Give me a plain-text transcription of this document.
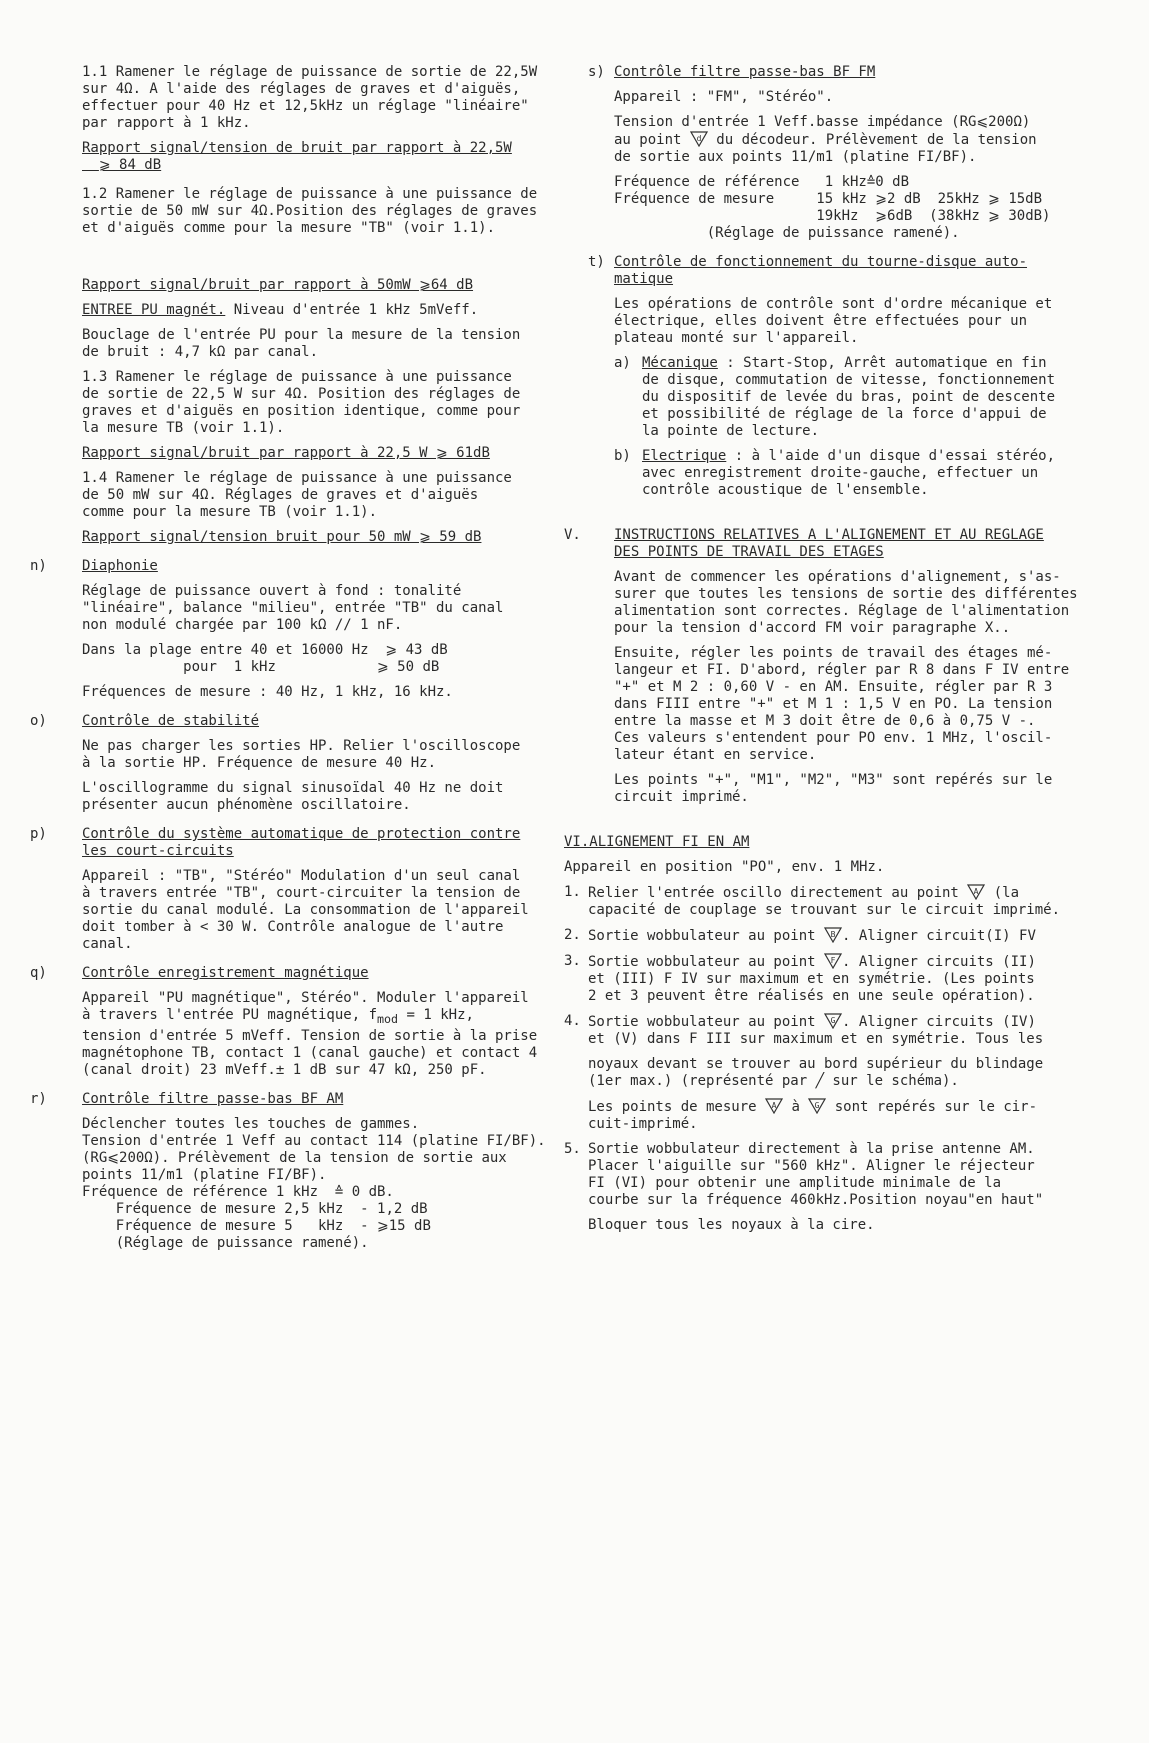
1.1 Ramener le réglage de puissance de sortie de 22,5W
sur 4Ω. A l'aide des réglages de graves et d'aiguës,
effectuer pour 40 Hz et 12,5kHz un réglage "linéaire"
par rapport à 1 kHz.

Rapport signal/tension de bruit par rapport à 22,5W
⩾ 84 dB

1.2 Ramener le réglage de puissance à une puissance de
sortie de 50 mW sur 4Ω.Position des réglages de graves
et d'aiguës comme pour la mesure "TB" (voir 1.1).

Rapport signal/bruit par rapport à 50mW ⩾64 dB

ENTREE PU magnét. Niveau d'entrée 1 kHz 5mVeff.

Bouclage de l'entrée PU pour la mesure de la tension
de bruit : 4,7 kΩ par canal.

1.3 Ramener le réglage de puissance à une puissance
de sortie de 22,5 W sur 4Ω. Position des réglages de
graves et d'aiguës en position identique, comme pour
la mesure TB (voir 1.1).

Rapport signal/bruit par rapport à 22,5 W ⩾ 61dB

1.4 Ramener le réglage de puissance à une puissance
de 50 mW sur 4Ω. Réglages de graves et d'aiguës
comme pour la mesure TB (voir 1.1).

Rapport signal/tension bruit pour 50 mW ⩾ 59 dB

n)	Diaphonie

Réglage de puissance ouvert à fond : tonalité
"linéaire", balance "milieu", entrée "TB" du canal
non modulé chargée par 100 kΩ // 1 nF.

Dans la plage entre 40 et 16000 Hz  ⩾ 43 dB
pour  1 kHz            ⩾ 50 dB

Fréquences de mesure : 40 Hz, 1 kHz, 16 kHz.

o)	Contrôle de stabilité

Ne pas charger les sorties HP. Relier l'oscilloscope
à la sortie HP. Fréquence de mesure 40 Hz.

L'oscillogramme du signal sinusoïdal 40 Hz ne doit
présenter aucun phénomène oscillatoire.

p)	Contrôle du système automatique de protection contre
les court-circuits

Appareil : "TB", "Stéréo" Modulation d'un seul canal
à travers entrée "TB", court-circuiter la tension de
sortie du canal modulé. La consommation de l'appareil
doit tomber à < 30 W. Contrôle analogue de l'autre
canal.

q)	Contrôle enregistrement magnétique

Appareil "PU magnétique", Stéréo". Moduler l'appareil
à travers l'entrée PU magnétique, $f_{mod} = 1$ kHz,
tension d'entrée 5 mVeff. Tension de sortie à la prise
magnétophone TB, contact 1 (canal gauche) et contact 4
(canal droit) 23 mVeff.± 1 dB sur 47 kΩ, 250 pF.

r)	Contrôle filtre passe-bas BF AM

Déclencher toutes les touches de gammes.
Tension d'entrée 1 Veff au contact 114 (platine FI/BF).
(RG⩽200Ω). Prélèvement de la tension de sortie aux
points 11/m1 (platine FI/BF).
Fréquence de référence 1 kHz  ≙ 0 dB.
Fréquence de mesure 2,5 kHz  - 1,2 dB
Fréquence de mesure 5   kHz  - ⩾15 dB
(Réglage de puissance ramené).

s) Contrôle filtre passe-bas BF FM

Appareil : "FM", "Stéréo".

Tension d'entrée 1 Veff.basse impédance (RG⩽200Ω)
au point d du décodeur. Prélèvement de la tension
de sortie aux points 11/m1 (platine FI/BF).

Fréquence de référence   1 kHz≙0 dB
Fréquence de mesure     15 kHz ⩾2 dB  25kHz ⩾ 15dB
19kHz  ⩾6dB  (38kHz ⩾ 30dB)
(Réglage de puissance ramené).

t) Contrôle de fonctionnement du tourne-disque auto-
matique

Les opérations de contrôle sont d'ordre mécanique et
électrique, elles doivent être effectuées pour un
plateau monté sur l'appareil.

a) Mécanique : Start-Stop, Arrêt automatique en fin
de disque, commutation de vitesse, fonctionnement
du dispositif de levée du bras, point de descente
et possibilité de réglage de la force d'appui de
la pointe de lecture.

b) Electrique : à l'aide d'un disque d'essai stéréo,
avec enregistrement droite-gauche, effectuer un
contrôle acoustique de l'ensemble.

V. INSTRUCTIONS RELATIVES A L'ALIGNEMENT ET AU REGLAGE
DES POINTS DE TRAVAIL DES ETAGES

Avant de commencer les opérations d'alignement, s'as-
surer que toutes les tensions de sortie des différentes
alimentation sont correctes. Réglage de l'alimentation
pour la tension d'accord FM voir paragraphe X..

Ensuite, régler les points de travail des étages mé-
langeur et FI. D'abord, régler par R 8 dans F IV entre
"+" et M 2 : 0,60 V - en AM. Ensuite, régler par R 3
dans FIII entre "+" et M 1 : 1,5 V en PO. La tension
entre la masse et M 3 doit être de 0,6 à 0,75 V -.
Ces valeurs s'entendent pour PO env. 1 MHz, l'oscil-
lateur étant en service.

Les points "+", "M1", "M2", "M3" sont repérés sur le
circuit imprimé.

VI.ALIGNEMENT FI EN AM

Appareil en position "PO", env. 1 MHz.

1. Relier l'entrée oscillo directement au point A (la
capacité de couplage se trouvant sur le circuit imprimé.

2. Sortie wobbulateur au point B . Aligner circuit(I) FV

3. Sortie wobbulateur au point F . Aligner circuits (II)
et (III) F IV sur maximum et en symétrie. (Les points
2 et 3 peuvent être réalisés en une seule opération).

4. Sortie wobbulateur au point G . Aligner circuits (IV)
et (V) dans F III sur maximum et en symétrie. Tous les

noyaux devant se trouver au bord supérieur du blindage
(1er max.) (représenté par ╱ sur le schéma).

Les points de mesure A à G sont repérés sur le cir-
cuit-imprimé.

5. Sortie wobbulateur directement à la prise antenne AM.
Placer l'aiguille sur "560 kHz". Aligner le réjecteur
FI (VI) pour obtenir une amplitude minimale de la
courbe sur la fréquence 460kHz.Position noyau"en haut"

Bloquer tous les noyaux à la cire.
